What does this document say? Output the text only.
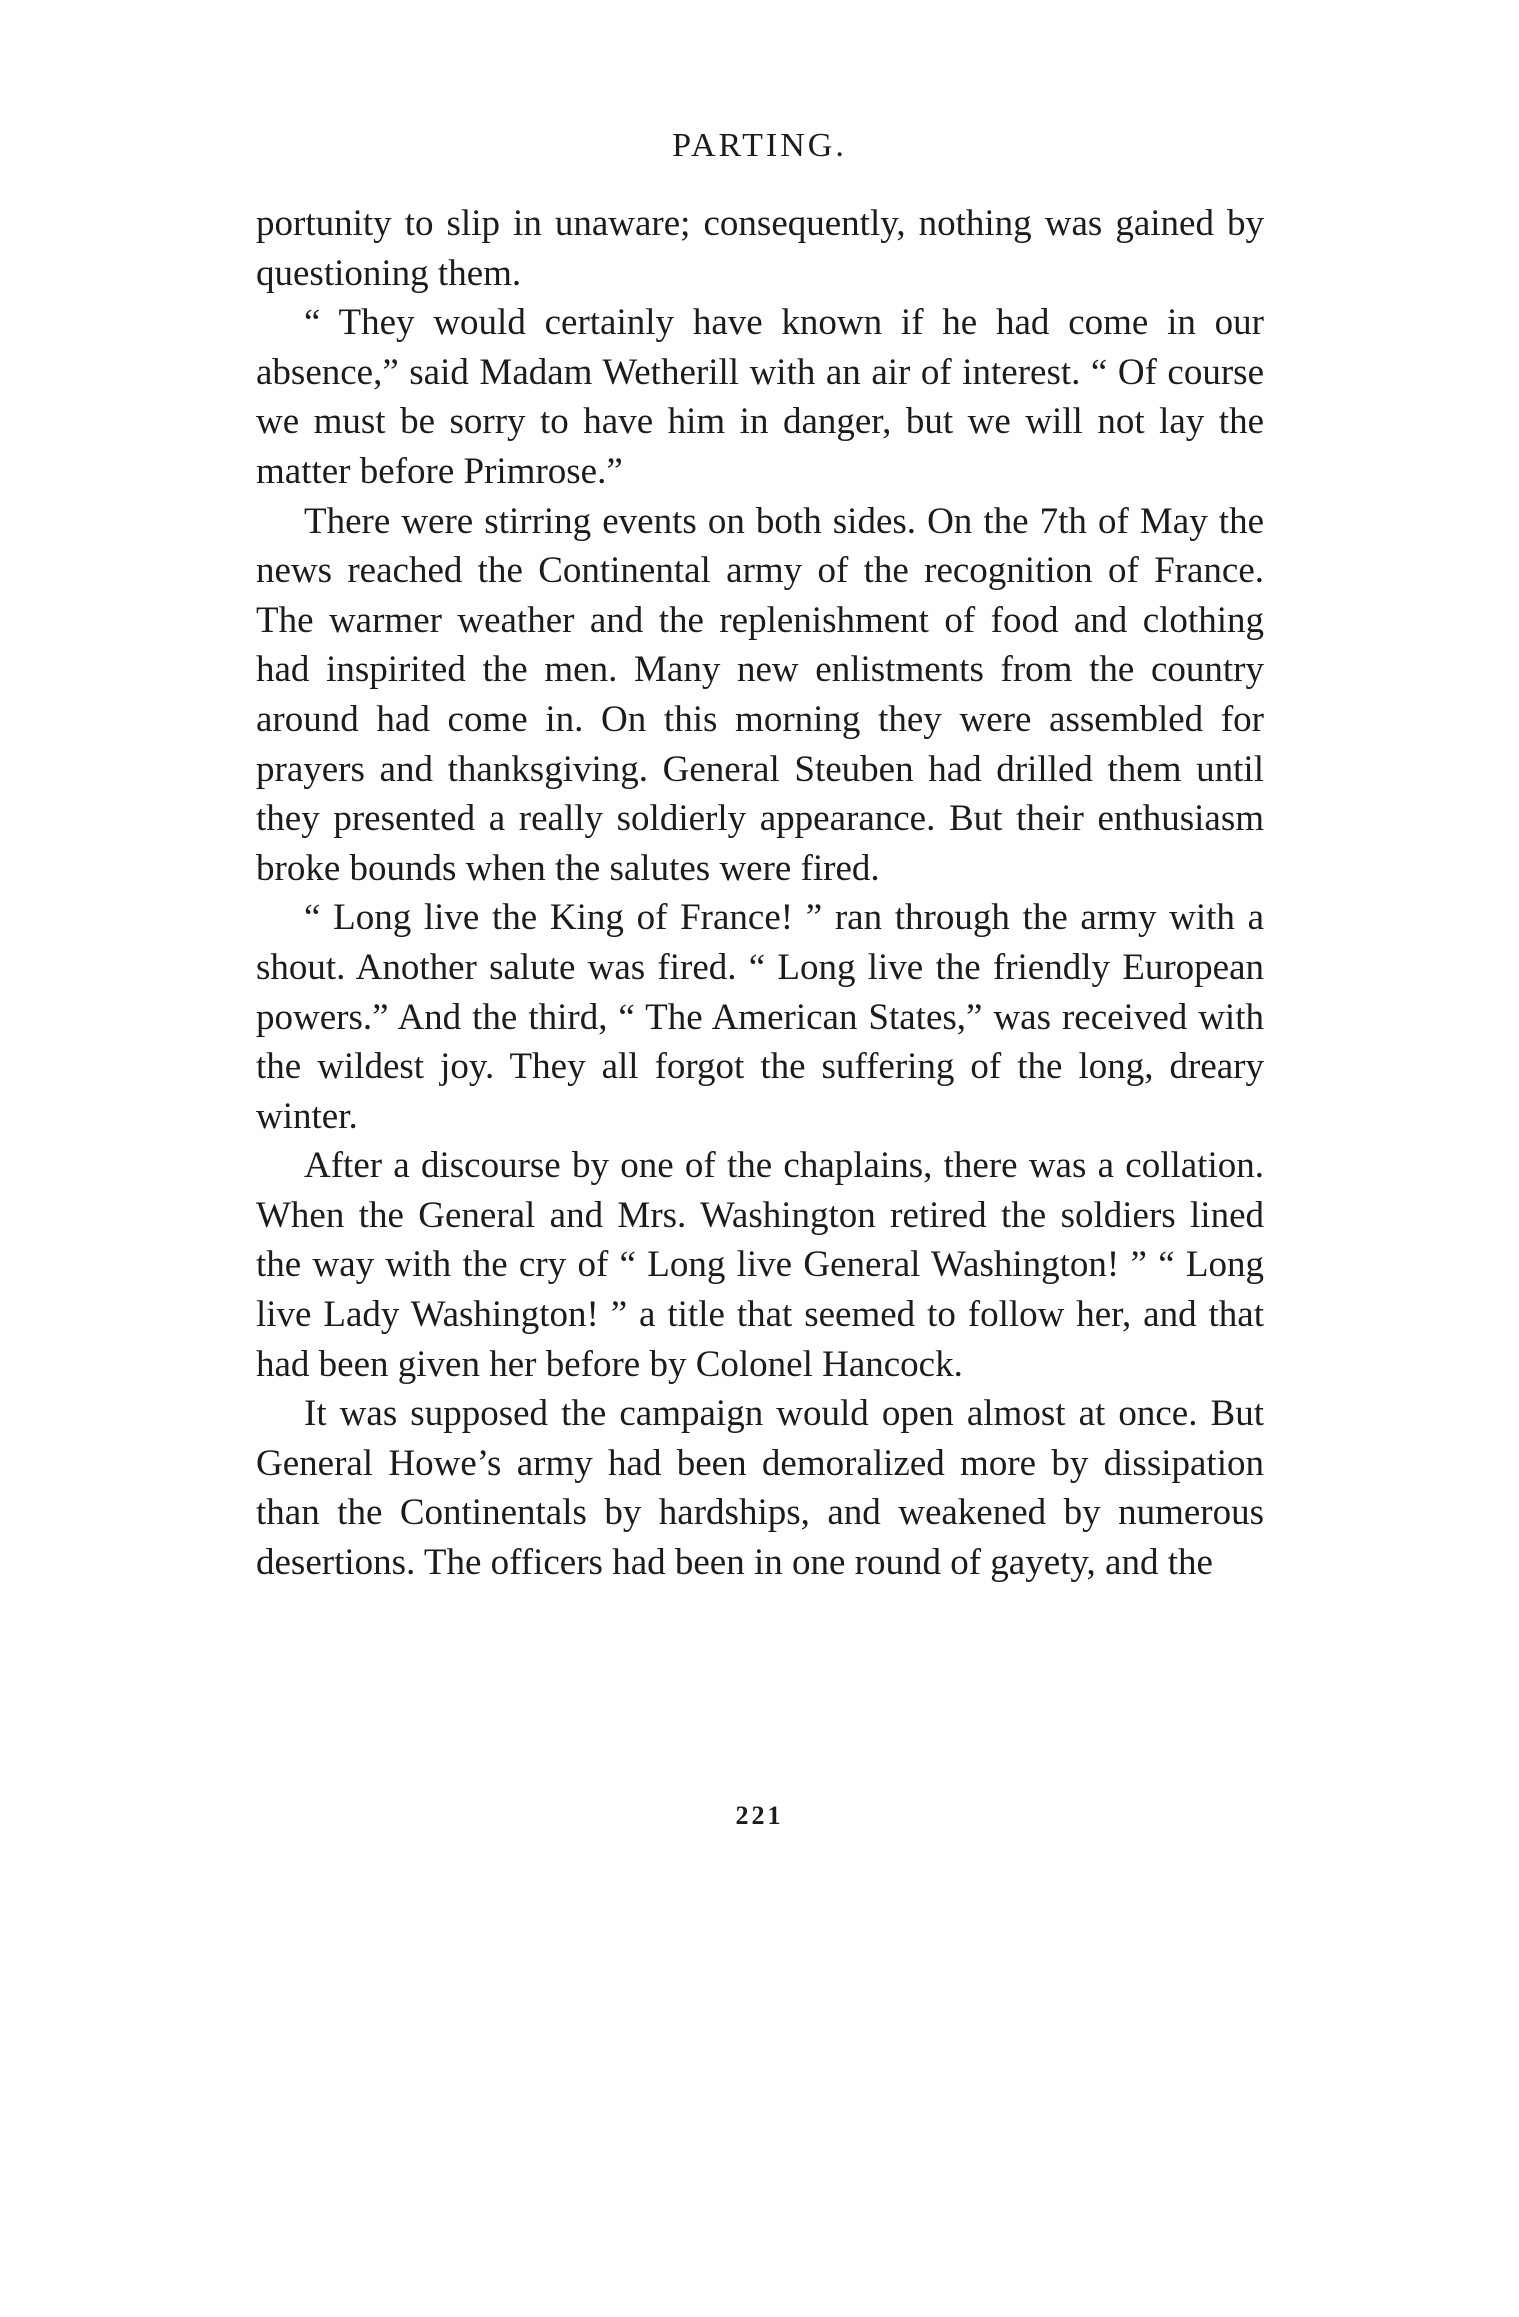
PARTING.

portunity to slip in unaware; consequently, nothing was gained by questioning them.

“ They would certainly have known if he had come in our absence,” said Madam Wetherill with an air of interest. “ Of course we must be sorry to have him in danger, but we will not lay the matter before Primrose.”

There were stirring events on both sides. On the 7th of May the news reached the Continental army of the recognition of France. The warmer weather and the replenishment of food and clothing had inspirited the men. Many new enlistments from the country around had come in. On this morning they were assembled for prayers and thanksgiving. General Steuben had drilled them until they presented a really soldierly appearance. But their enthusiasm broke bounds when the salutes were fired.

“ Long live the King of France! ” ran through the army with a shout. Another salute was fired. “ Long live the friendly European powers.” And the third, “ The American States,” was received with the wildest joy. They all forgot the suffering of the long, dreary winter.

After a discourse by one of the chaplains, there was a collation. When the General and Mrs. Washington retired the soldiers lined the way with the cry of “ Long live General Washington! ” “ Long live Lady Washington! ” a title that seemed to follow her, and that had been given her before by Colonel Hancock.

It was supposed the campaign would open almost at once. But General Howe’s army had been demoralized more by dissipation than the Continentals by hardships, and weakened by numerous desertions. The officers had been in one round of gayety, and the

221
